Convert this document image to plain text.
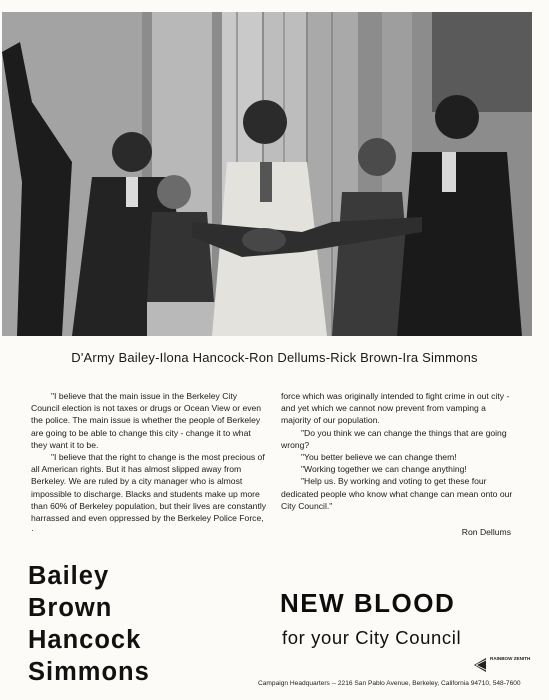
D'Army Bailey-Ilona Hancock-Ron Dellums-Rick Brown-Ira Simmons

"I believe that the main issue in the Berkeley City Council election is not taxes or drugs or Ocean View or even the police. The main issue is whether the people of Berkeley are going to be able to change this city - change it to what they want it to be.

"I believe that the right to change is the most precious of all American rights. But it has almost slipped away from Berkeley. We are ruled by a city manager who is almost impossible to discharge. Blacks and students make up more than 60% of Berkeley population, but their lives are constantly harrassed and even oppressed by the Berkeley Police Force, ·

force which was originally intended to fight crime in out city - and yet which we cannot now prevent from vamping a majority of our population.

"Do you think we can change the things that are going wrong?

"You better believe we can change them!

"Working together we can change anything!

"Help us. By working and voting to get these four dedicated people who know what change can mean onto our City Council."

Ron Dellums

Bailey
Brown
Hancock
Simmons
NEW BLOOD
for your City Council
RAINBOW ZENITH
Campaign Headquarters -- 2216 San Pablo Avenue, Berkeley, California 94710, 548-7600
